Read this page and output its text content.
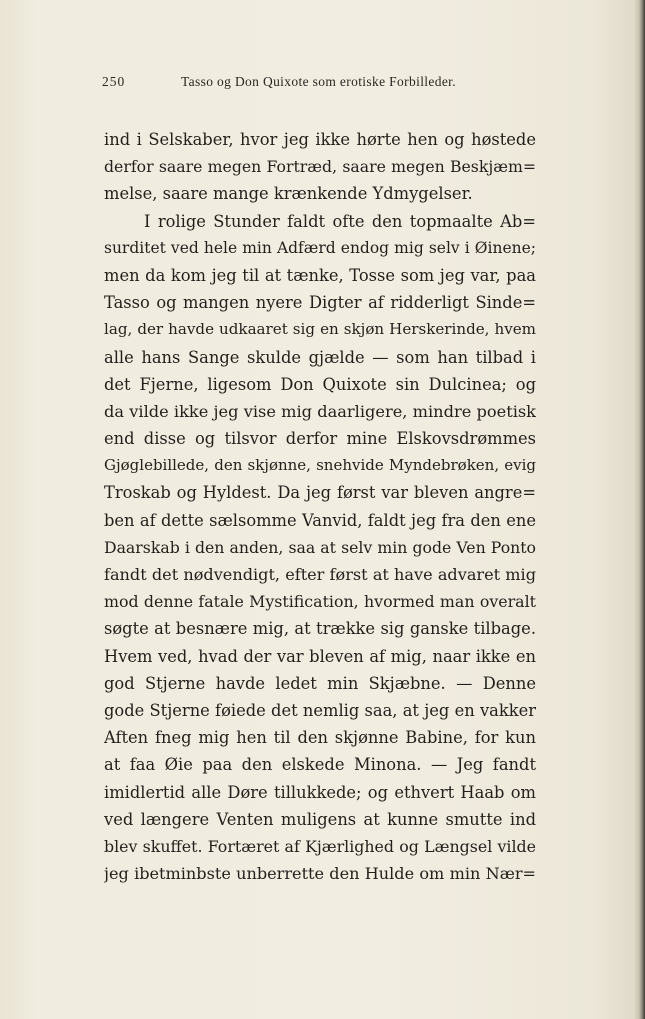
250	Tasso og Don Quixote som erotiske Forbilleder.
ind i Selskaber, hvor jeg ikke hørte hen og høstede
derfor saare megen Fortræd, saare megen Beskjæm=
melse, saare mange krænkende Ydmygelser.
I rolige Stunder faldt ofte den topmaalte Ab=
surditet ved hele min Adfærd endog mig selv i Øinene;
men da kom jeg til at tænke, Tosse som jeg var, paa
Tasso og mangen nyere Digter af ridderligt Sinde=
lag, der havde udkaaret sig en skjøn Herskerinde, hvem
alle hans Sange skulde gjælde — som han tilbad i
det Fjerne, ligesom Don Quixote sin Dulcinea; og
da vilde ikke jeg vise mig daarligere, mindre poetisk
end disse og tilsvor derfor mine Elskovsdrømmes
Gjøglebillede, den skjønne, snehvide Myndebrøken, evig
Troskab og Hyldest. Da jeg først var bleven angre=
ben af dette sælsomme Vanvid, faldt jeg fra den ene
Daarskab i den anden, saa at selv min gode Ven Ponto
fandt det nødvendigt, efter først at have advaret mig
mod denne fatale Mystification, hvormed man overalt
søgte at besnære mig, at trække sig ganske tilbage.
Hvem ved, hvad der var bleven af mig, naar ikke en
god Stjerne havde ledet min Skjæbne. — Denne
gode Stjerne føiede det nemlig saa, at jeg en vakker
Aften fneg mig hen til den skjønne Babine, for kun
at faa Øie paa den elskede Minona. — Jeg fandt
imidlertid alle Døre tillukkede; og ethvert Haab om
ved længere Venten muligens at kunne smutte ind
blev skuffet. Fortæret af Kjærlighed og Længsel vilde
jeg ibetminbste unberrette den Hulde om min Nær=
